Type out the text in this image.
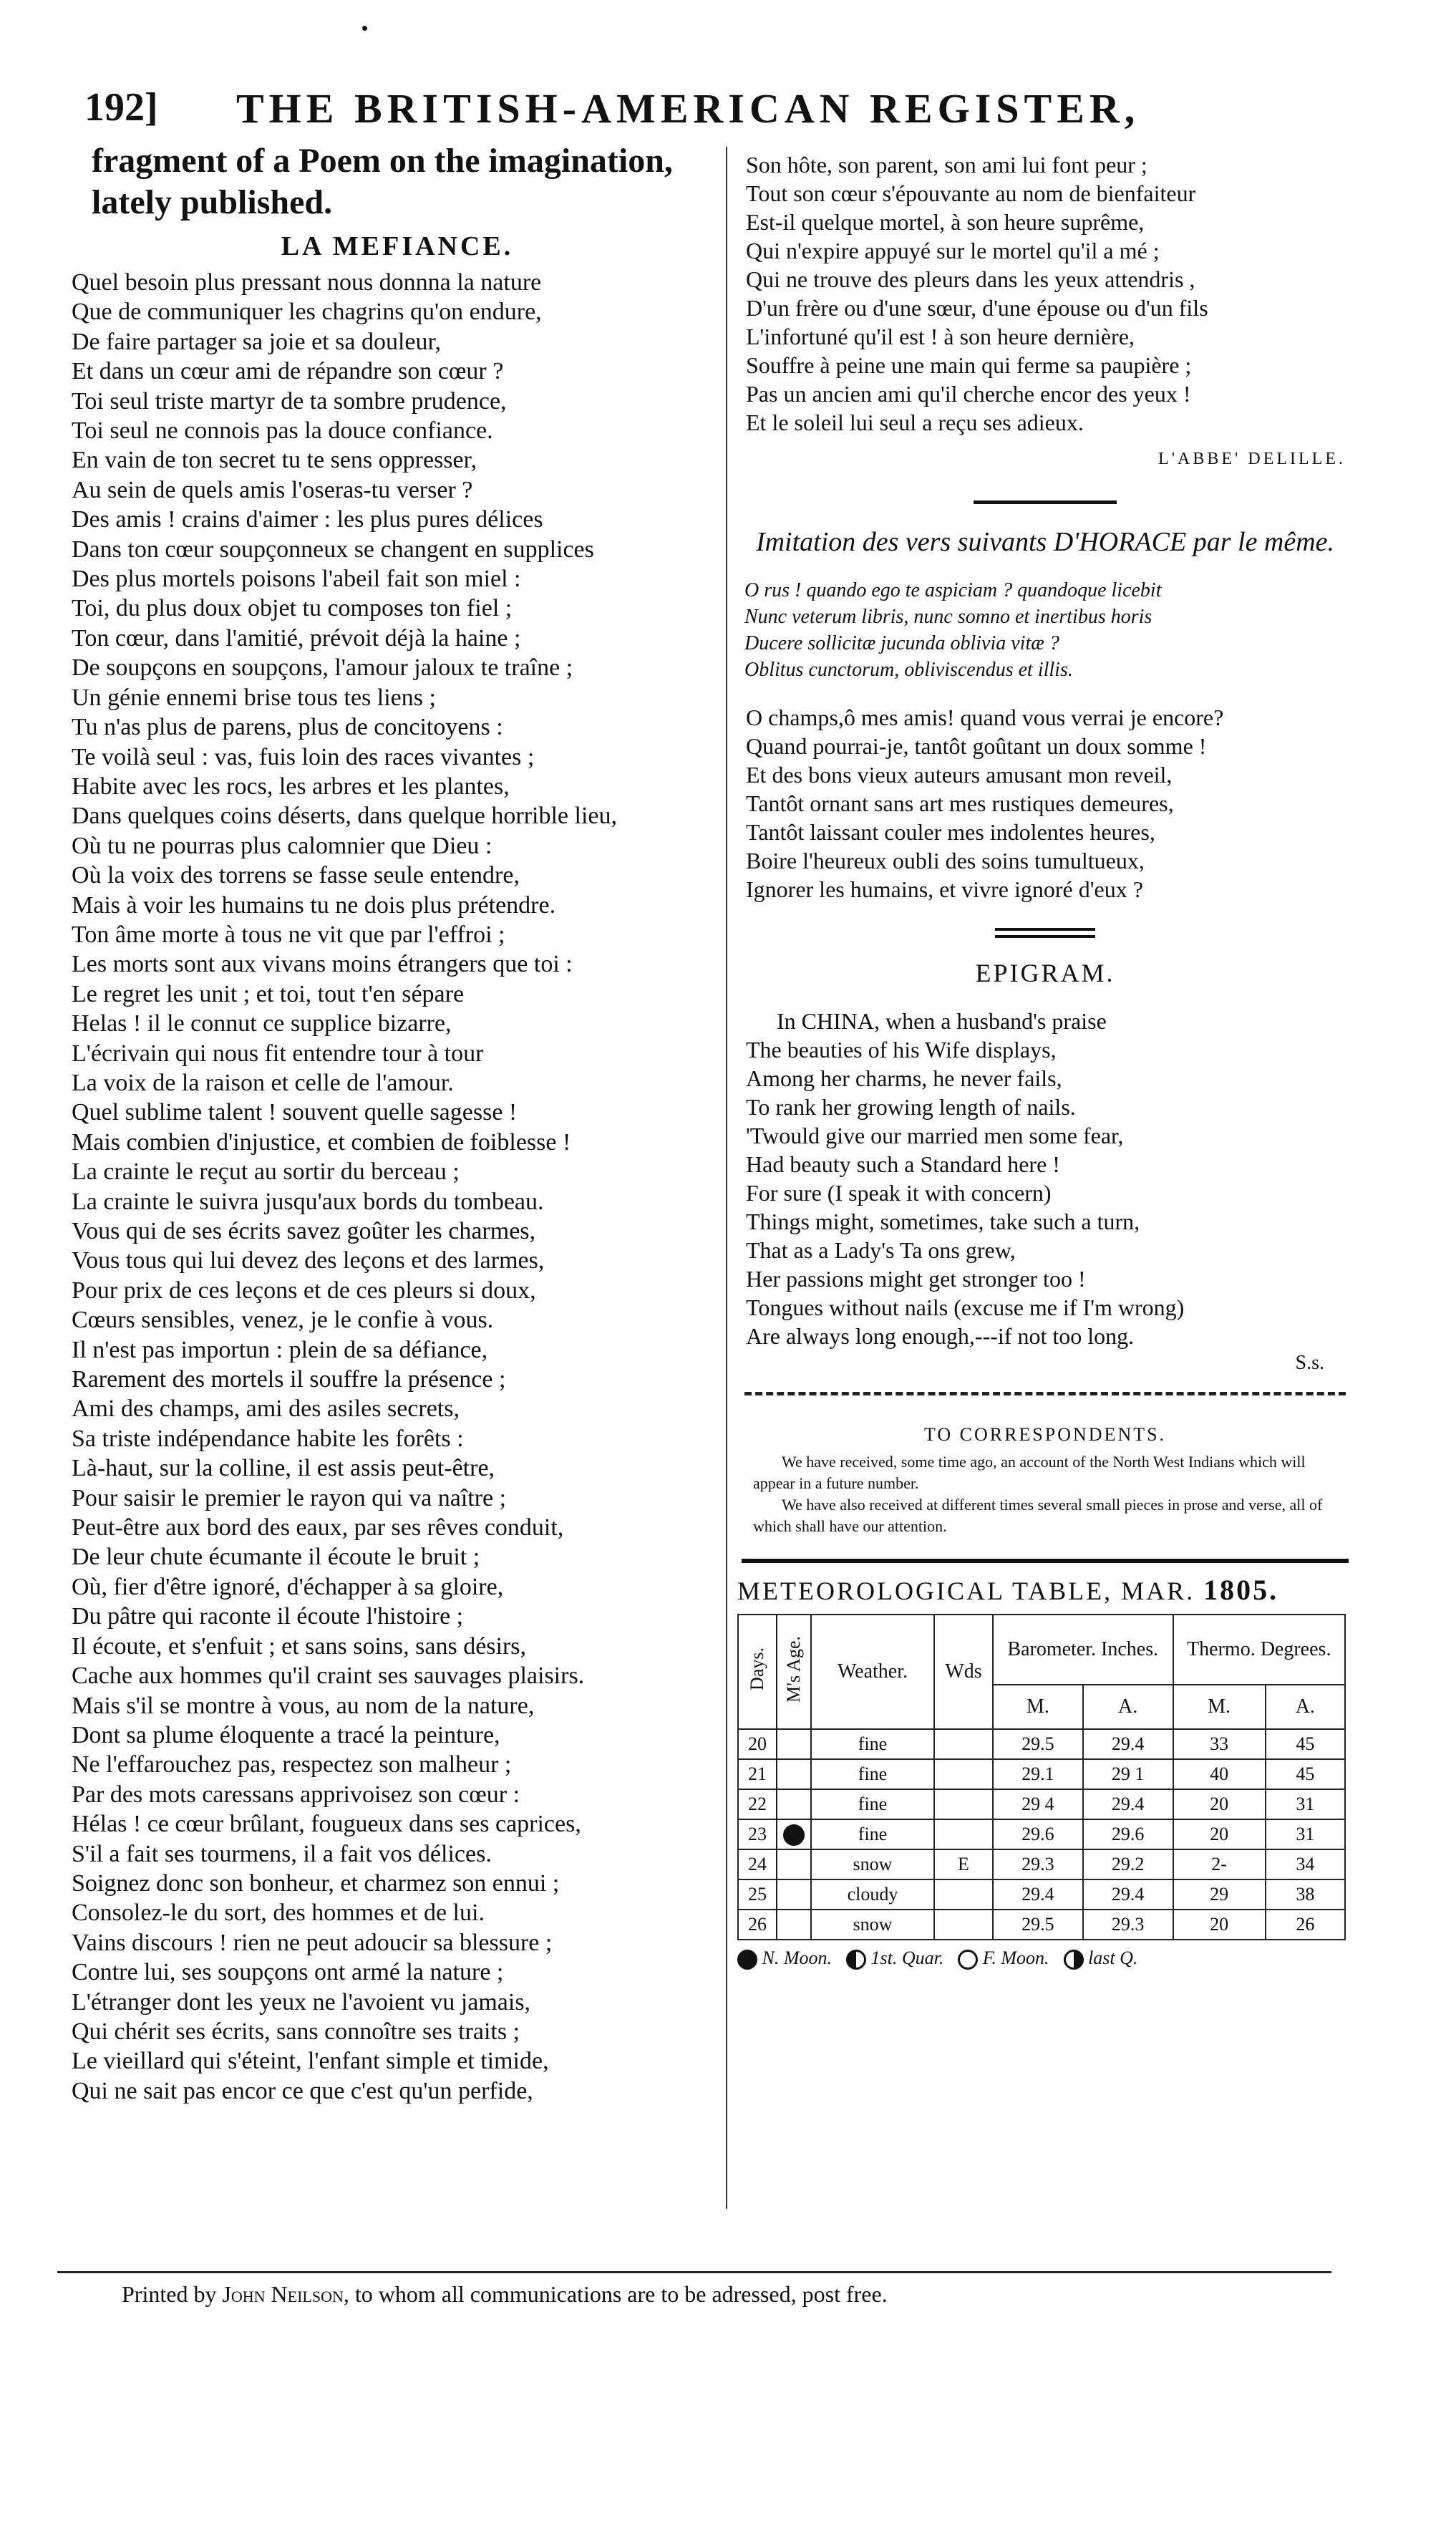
192] THE BRITISH-AMERICAN REGISTER,
fragment of a Poem on the imagination, lately published.
LA MEFIANCE.
Quel besoin plus pressant nous donnna la nature
Que de communiquer les chagrins qu'on endure,
De faire partager sa joie et sa douleur,
Et dans un cœur ami de répandre son cœur ?
Toi seul triste martyr de ta sombre prudence,
Toi seul ne connois pas la douce confiance.
En vain de ton secret tu te sens oppresser,
Au sein de quels amis l'oseras-tu verser ?
Des amis ! crains d'aimer : les plus pures délices
Dans ton cœur soupçonneux se changent en supplices
Des plus mortels poisons l'abeil fait son miel :
Toi, du plus doux objet tu composes ton fiel ;
Ton cœur, dans l'amitié, prévoit déjà la haine ;
De soupçons en soupçons, l'amour jaloux te traîne ;
Un génie ennemi brise tous tes liens ;
Tu n'as plus de parens, plus de concitoyens :
Te voilà seul : vas, fuis loin des races vivantes ;
Habite avec les rocs, les arbres et les plantes,
Dans quelques coins déserts, dans quelque horrible lieu,
Où tu ne pourras plus calomnier que Dieu :
Où la voix des torrens se fasse seule entendre,
Mais à voir les humains tu ne dois plus prétendre.
Ton âme morte à tous ne vit que par l'effroi ;
Les morts sont aux vivans moins étrangers que toi :
Le regret les unit ; et toi, tout t'en sépare
Helas ! il le connut ce supplice bizarre,
L'écrivain qui nous fit entendre tour à tour
La voix de la raison et celle de l'amour.
Quel sublime talent ! souvent quelle sagesse !
Mais combien d'injustice, et combien de foiblesse !
La crainte le reçut au sortir du berceau ;
La crainte le suivra jusqu'aux bords du tombeau.
Vous qui de ses écrits savez goûter les charmes,
Vous tous qui lui devez des leçons et des larmes,
Pour prix de ces leçons et de ces pleurs si doux,
Cœurs sensibles, venez, je le confie à vous.
Il n'est pas importun : plein de sa défiance,
Rarement des mortels il souffre la présence ;
Ami des champs, ami des asiles secrets,
Sa triste indépendance habite les forêts :
Là-haut, sur la colline, il est assis peut-être,
Pour saisir le premier le rayon qui va naître ;
Peut-être aux bord des eaux, par ses rêves conduit,
De leur chute écumante il écoute le bruit ;
Où, fier d'être ignoré, d'échapper à sa gloire,
Du pâtre qui raconte il écoute l'histoire ;
Il écoute, et s'enfuit ; et sans soins, sans désirs,
Cache aux hommes qu'il craint ses sauvages plaisirs.
Mais s'il se montre à vous, au nom de la nature,
Dont sa plume éloquente a tracé la peinture,
Ne l'effarouchez pas, respectez son malheur ;
Par des mots caressans apprivoisez son cœur :
Hélas ! ce cœur brûlant, fougueux dans ses caprices,
S'il a fait ses tourmens, il a fait vos délices.
Soignez donc son bonheur, et charmez son ennui ;
Consolez-le du sort, des hommes et de lui.
Vains discours ! rien ne peut adoucir sa blessure ;
Contre lui, ses soupçons ont armé la nature ;
L'étranger dont les yeux ne l'avoient vu jamais,
Qui chérit ses écrits, sans connoître ses traits ;
Le vieillard qui s'éteint, l'enfant simple et timide,
Qui ne sait pas encor ce que c'est qu'un perfide,
Son hôte, son parent, son ami lui font peur ;
Tout son cœur s'épouvante au nom de bienfaiteur
Est-il quelque mortel, à son heure suprême,
Qui n'expire appuyé sur le mortel qu'il a mé ;
Qui ne trouve des pleurs dans les yeux attendris ,
D'un frère ou d'une sœur, d'une épouse ou d'un fils
L'infortuné qu'il est ! à son heure dernière,
Souffre à peine une main qui ferme sa paupière ;
Pas un ancien ami qu'il cherche encor des yeux !
Et le soleil lui seul a reçu ses adieux.
L'ABBE' DELILLE.
Imitation des vers suivants D'HORACE par le même.
O rus ! quando ego te aspiciam ? quandoque licebit
Nunc veterum libris, nunc somno et inertibus horis
Ducere sollicitæ jucunda oblivia vitæ ?
Oblitus cunctorum, obliviscendus et illis.
O champs,ô mes amis! quand vous verrai je encore?
Quand pourrai-je, tantôt goûtant un doux somme !
Et des bons vieux auteurs amusant mon reveil,
Tantôt ornant sans art mes rustiques demeures,
Tantôt laissant couler mes indolentes heures,
Boire l'heureux oubli des soins tumultueux,
Ignorer les humains, et vivre ignoré d'eux ?
EPIGRAM.
In CHINA, when a husband's praise
The beauties of his Wife displays,
Among her charms, he never fails,
To rank her growing length of nails.
'Twould give our married men some fear,
Had beauty such a Standard here !
For sure (I speak it with concern)
Things might, sometimes, take such a turn,
That as a Lady's Ta ons grew,
Her passions might get stronger too !
Tongues without nails (excuse me if I'm wrong)
Are always long enough,---if not too long.
S.s.
TO CORRESPONDENTS.
We have received, some time ago, an account of the North West Indians which will appear in a future number.
We have also received at different times several small pieces in prose and verse, all of which shall have our attention.
METEOROLOGICAL TABLE, MAR. 1805.
Days.	M's Age.	Weather.	Wds	Barometer. Inches.		Thermo. Degrees.	
				M.	A.	M.	A.
20		fine		29.5	29.4	33	45
21		fine		29.1	29 1	40	45
22		fine		29 4	29.4	20	31
23		fine		29.6	29.6	20	31
24		snow	E	29.3	29.2	2-	34
25		cloudy		29.4	29.4	29	38
26		snow		29.5	29.3	20	26
N. Moon.	1st. Quar.	F. Moon.	last Q.
Printed by John Neilson, to whom all communications are to be adressed, post free.
